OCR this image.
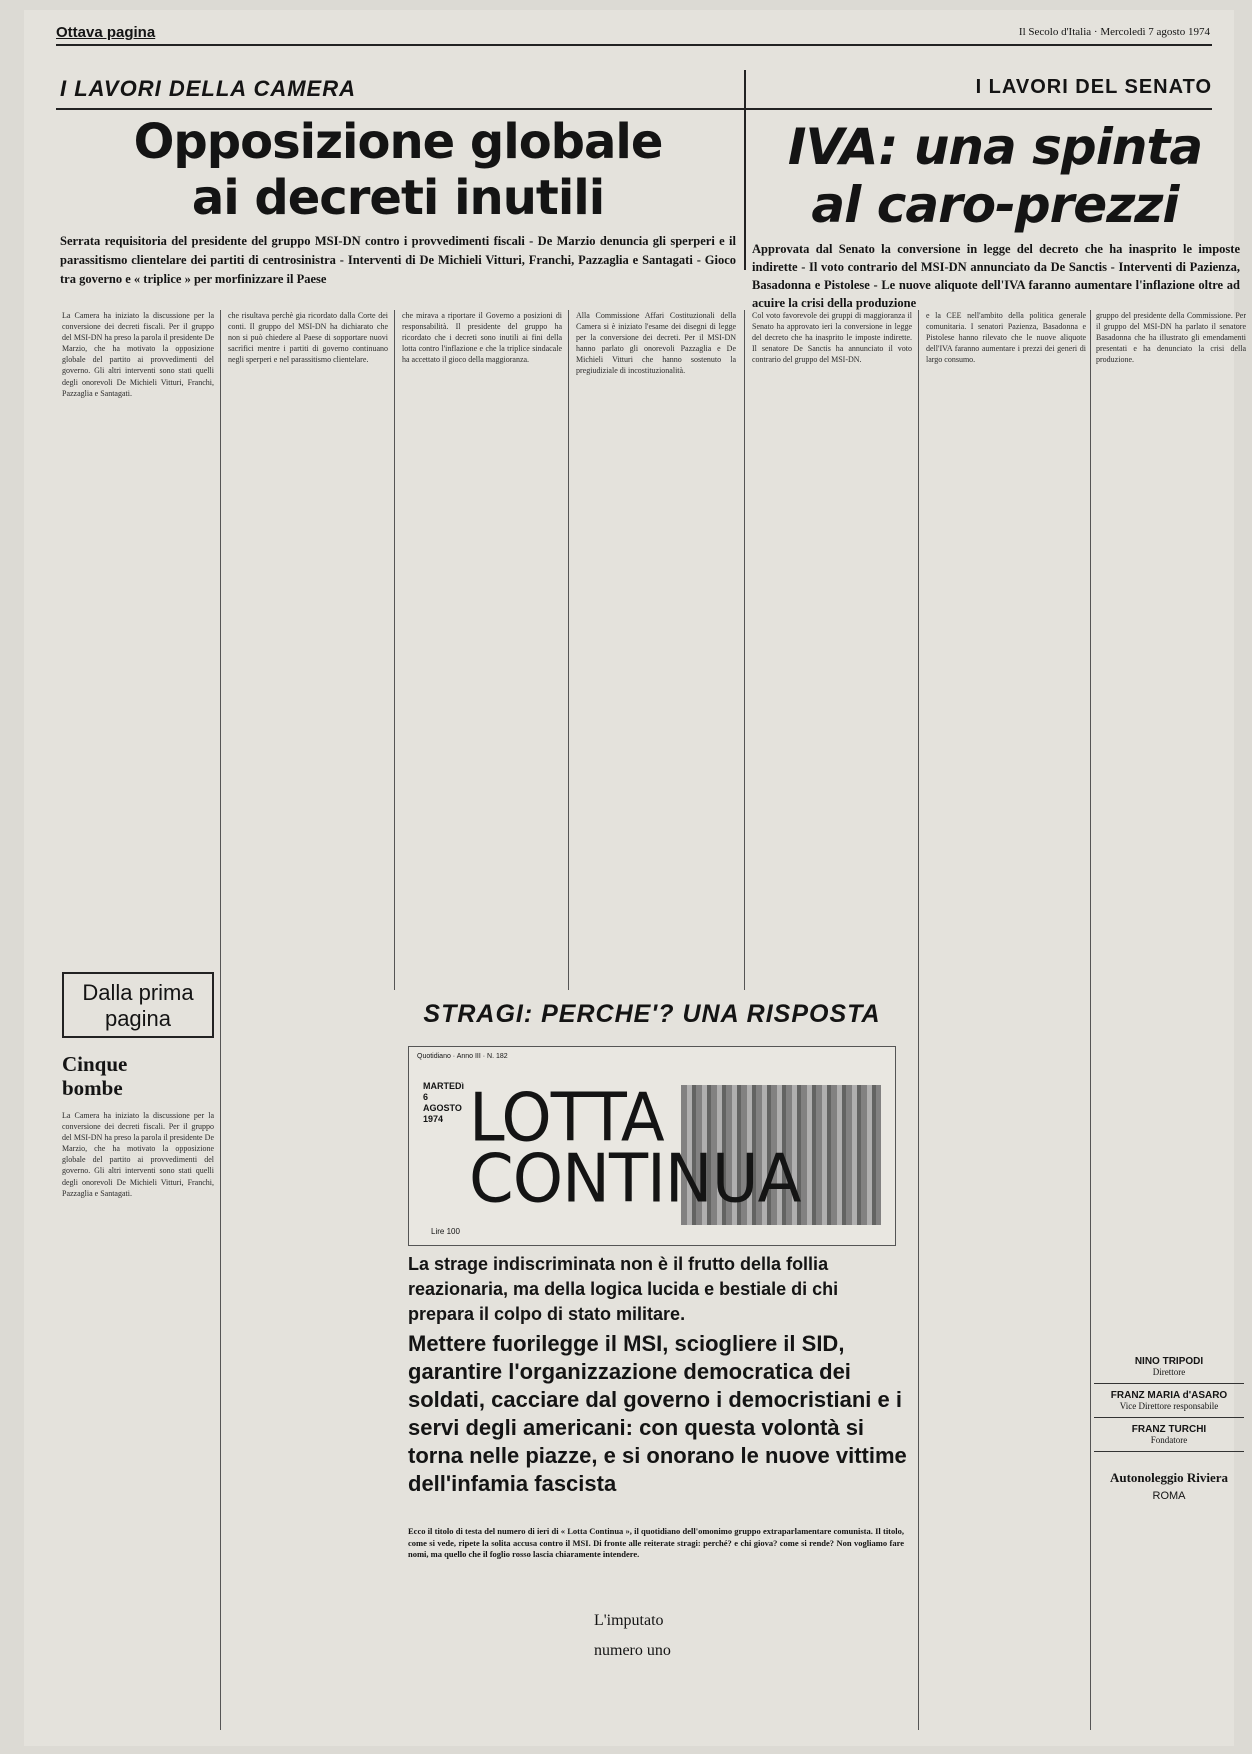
Ottava pagina	Il Secolo d'Italia · Mercoledì 7 agosto 1974
I LAVORI DELLA CAMERA	I LAVORI DEL SENATO
Opposizione globale
ai decreti inutili
IVA: una spinta
al caro-prezzi
Serrata requisitoria del presidente del gruppo MSI-DN contro i provvedimenti fiscali - De Marzio denuncia gli sperperi e il parassitismo clientelare dei partiti di centrosinistra - Interventi di De Michieli Vitturi, Franchi, Pazzaglia e Santagati - Gioco tra governo e « triplice » per morfinizzare il Paese
Approvata dal Senato la conversione in legge del decreto che ha inasprito le imposte indirette - Il voto contrario del MSI-DN annunciato da De Sanctis - Interventi di Pazienza, Basadonna e Pistolese - Le nuove aliquote dell'IVA faranno aumentare l'inflazione oltre ad acuire la crisi della produzione
La Camera ha iniziato la discussione per la conversione dei decreti fiscali. Per il gruppo del MSI-DN ha preso la parola il presidente De Marzio, che ha motivato la opposizione globale del partito ai provvedimenti del governo. Gli altri interventi sono stati quelli degli onorevoli De Michieli Vitturi, Franchi, Pazzaglia e Santagati.
che risultava perchè gia ricordato dalla Corte dei conti. Il gruppo del MSI-DN ha dichiarato che non si può chiedere al Paese di sopportare nuovi sacrifici mentre i partiti di governo continuano negli sperperi e nel parassitismo clientelare.
che mirava a riportare il Governo a posizioni di responsabilità. Il presidente del gruppo ha ricordato che i decreti sono inutili ai fini della lotta contro l'inflazione e che la triplice sindacale ha accettato il gioco della maggioranza.
Alla Commissione Affari Costituzionali della Camera si è iniziato l'esame dei disegni di legge per la conversione dei decreti. Per il MSI-DN hanno parlato gli onorevoli Pazzaglia e De Michieli Vitturi che hanno sostenuto la pregiudiziale di incostituzionalità.
Col voto favorevole dei gruppi di maggioranza il Senato ha approvato ieri la conversione in legge del decreto che ha inasprito le imposte indirette. Il senatore De Sanctis ha annunciato il voto contrario del gruppo del MSI-DN.
e la CEE nell'ambito della politica generale comunitaria. I senatori Pazienza, Basadonna e Pistolese hanno rilevato che le nuove aliquote dell'IVA faranno aumentare i prezzi dei generi di largo consumo.
gruppo del presidente della Commissione. Per il gruppo del MSI-DN ha parlato il senatore Basadonna che ha illustrato gli emendamenti presentati e ha denunciato la crisi della produzione.
Dalla prima
pagina
Cinque
bombe
La Camera ha iniziato la discussione per la conversione dei decreti fiscali. Per il gruppo del MSI-DN ha preso la parola il presidente De Marzio, che ha motivato la opposizione globale del partito ai provvedimenti del governo. Gli altri interventi sono stati quelli degli onorevoli De Michieli Vitturi, Franchi, Pazzaglia e Santagati.
STRAGI: PERCHE'? UNA RISPOSTA
Quotidiano · Anno III · N. 182
MARTEDì
6
AGOSTO
1974 LOTTA
CONTINUA
Lire 100
La strage indiscriminata non è il frutto della follia reazionaria, ma della logica lucida e bestiale di chi prepara il colpo di stato militare.
Mettere fuorilegge il MSI, sciogliere il SID, garantire l'organizzazione democratica dei soldati, cacciare dal governo i democristiani e i servi degli americani: con questa volontà si torna nelle piazze, e si onorano le nuove vittime dell'infamia fascista
Ecco il titolo di testa del numero di ieri di « Lotta Continua », il quotidiano dell'omonimo gruppo extraparlamentare comunista. Il titolo, come si vede, ripete la solita accusa contro il MSI. Di fronte alle reiterate stragi: perché? e chi giova? come si rende? Non vogliamo fare nomi, ma quello che il foglio rosso lascia chiaramente intendere.
L'imputato
numero uno
NINO TRIPODI
Direttore
FRANZ MARIA d'ASARO
Vice Direttore responsabile
FRANZ TURCHI
Fondatore
Autonoleggio Riviera
ROMA
